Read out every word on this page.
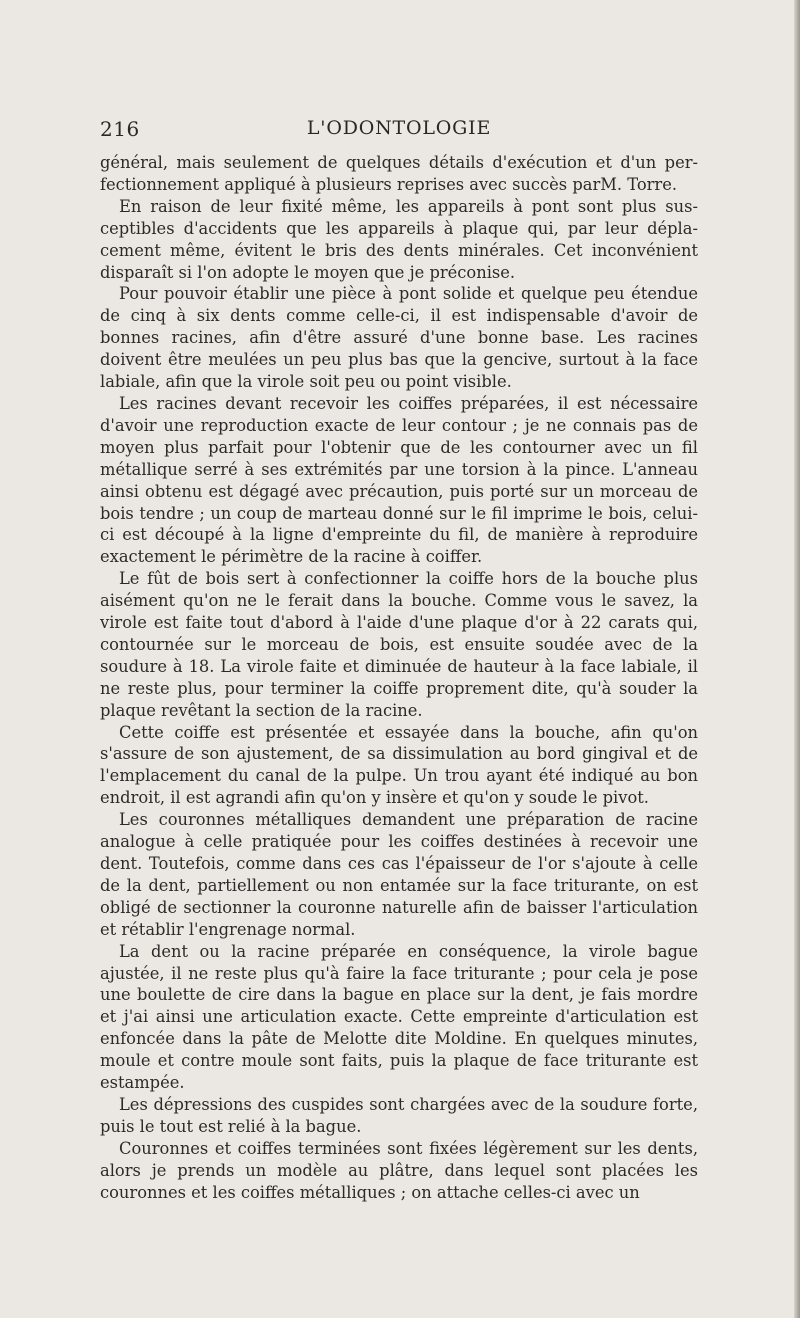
216	L'ODONTOLOGIE

général, mais seulement de quelques détails d'exécution et d'un perfectionnement appliqué à plusieurs reprises avec succès parM. Torre.

En raison de leur fixité même, les appareils à pont sont plus susceptibles d'accidents que les appareils à plaque qui, par leur déplacement même, évitent le bris des dents minérales. Cet inconvénient disparaît si l'on adopte le moyen que je préconise.

Pour pouvoir établir une pièce à pont solide et quelque peu étendue de cinq à six dents comme celle-ci, il est indispensable d'avoir de bonnes racines, afin d'être assuré d'une bonne base. Les racines doivent être meulées un peu plus bas que la gencive, surtout à la face labiale, afin que la virole soit peu ou point visible.

Les racines devant recevoir les coiffes préparées, il est nécessaire d'avoir une reproduction exacte de leur contour ; je ne connais pas de moyen plus parfait pour l'obtenir que de les contourner avec un fil métallique serré à ses extrémités par une torsion à la pince. L'anneau ainsi obtenu est dégagé avec précaution, puis porté sur un morceau de bois tendre ; un coup de marteau donné sur le fil imprime le bois, celui-ci est découpé à la ligne d'empreinte du fil, de manière à reproduire exactement le périmètre de la racine à coiffer.

Le fût de bois sert à confectionner la coiffe hors de la bouche plus aisément qu'on ne le ferait dans la bouche. Comme vous le savez, la virole est faite tout d'abord à l'aide d'une plaque d'or à 22 carats qui, contournée sur le morceau de bois, est ensuite soudée avec de la soudure à 18. La virole faite et diminuée de hauteur à la face labiale, il ne reste plus, pour terminer la coiffe proprement dite, qu'à souder la plaque revêtant la section de la racine.

Cette coiffe est présentée et essayée dans la bouche, afin qu'on s'assure de son ajustement, de sa dissimulation au bord gingival et de l'emplacement du canal de la pulpe. Un trou ayant été indiqué au bon endroit, il est agrandi afin qu'on y insère et qu'on y soude le pivot.

Les couronnes métalliques demandent une préparation de racine analogue à celle pratiquée pour les coiffes destinées à recevoir une dent. Toutefois, comme dans ces cas l'épaisseur de l'or s'ajoute à celle de la dent, partiellement ou non entamée sur la face triturante, on est obligé de sectionner la couronne naturelle afin de baisser l'articulation et rétablir l'engrenage normal.

La dent ou la racine préparée en conséquence, la virole bague ajustée, il ne reste plus qu'à faire la face triturante ; pour cela je pose une boulette de cire dans la bague en place sur la dent, je fais mordre et j'ai ainsi une articulation exacte. Cette empreinte d'articulation est enfoncée dans la pâte de Melotte dite Moldine. En quelques minutes, moule et contre moule sont faits, puis la plaque de face triturante est estampée.

Les dépressions des cuspides sont chargées avec de la soudure forte, puis le tout est relié à la bague.

Couronnes et coiffes terminées sont fixées légèrement sur les dents, alors je prends un modèle au plâtre, dans lequel sont placées les couronnes et les coiffes métalliques ; on attache celles-ci avec un
